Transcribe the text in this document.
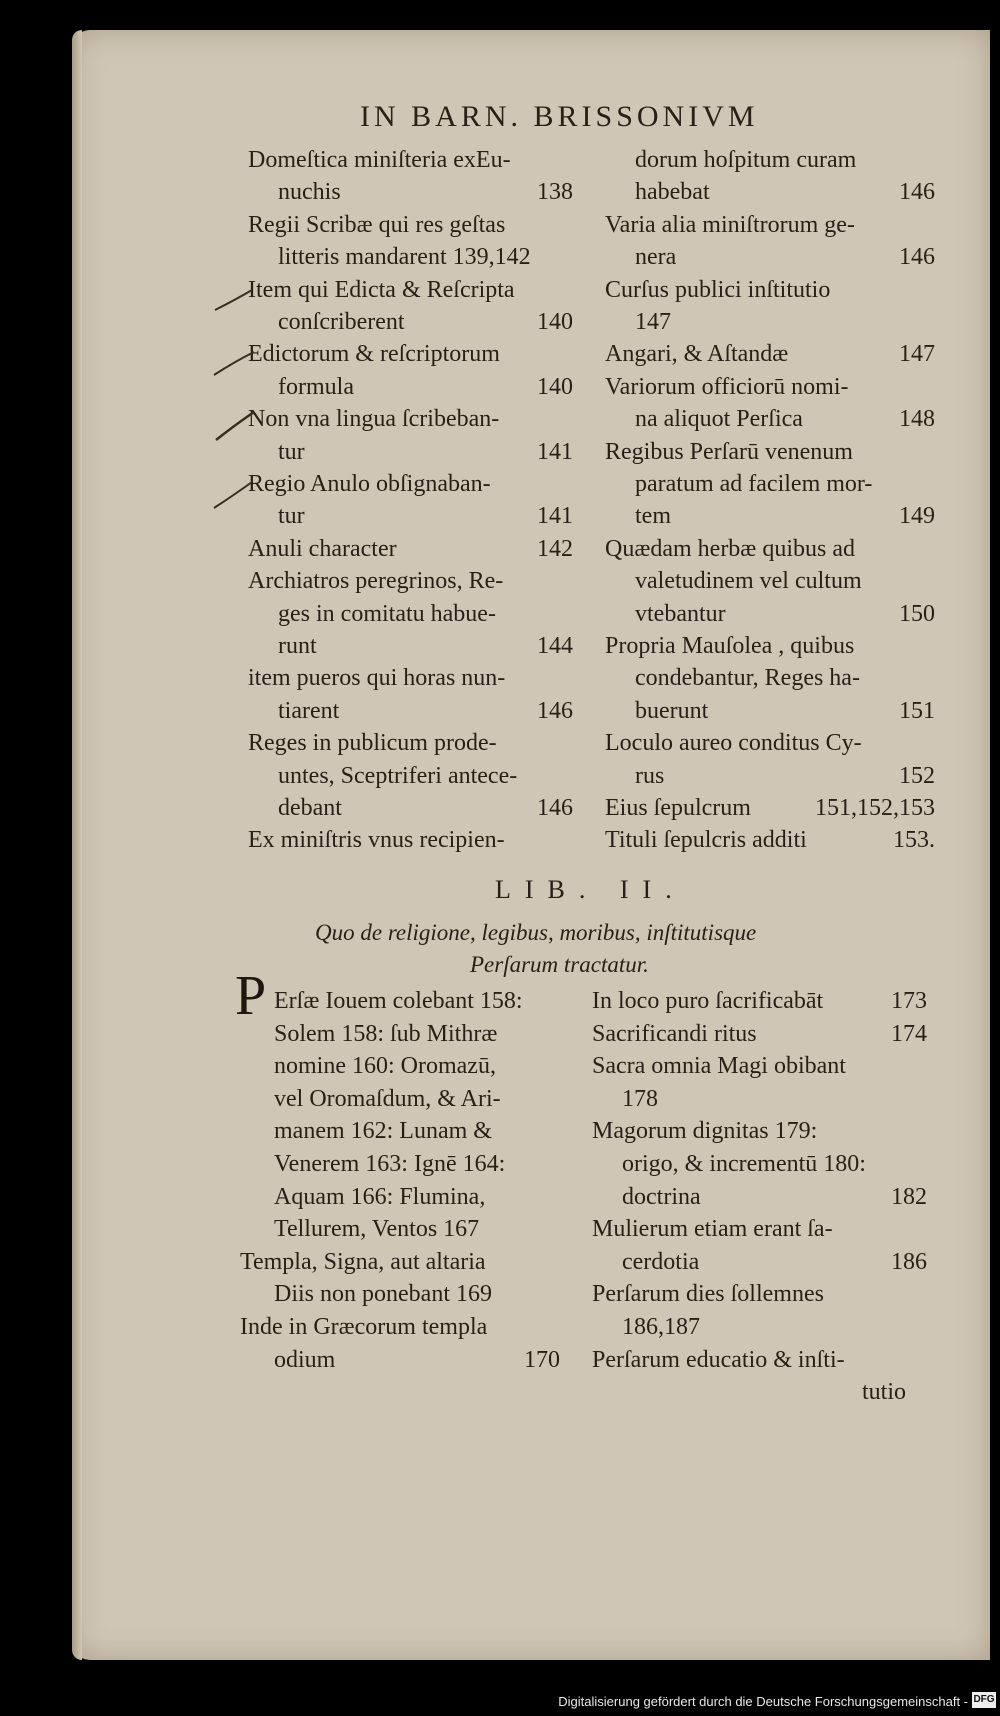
IN BARN. BRISSONIVM
Domeſtica miniſteria exEu-
nuchis	138
Regii Scribæ qui res geſtas
litteris mandarent 139,142
Item qui Edicta & Reſcripta
conſcriberent	140
Edictorum & reſcriptorum
formula	140
Non vna lingua ſcribeban-
tur	141
Regio Anulo obſignaban-
tur	141
Anuli character	142
Archiatros peregrinos, Re-
ges in comitatu habue-
runt	144
item pueros qui horas nun-
tiarent	146
Reges in publicum prode-
untes, Sceptriferi antece-
debant	146
Ex miniſtris vnus recipien-
dorum hoſpitum curam
habebat	146
Varia alia miniſtrorum ge-
nera	146
Curſus publici inſtitutio
147
Angari, & Aſtandæ	147
Variorum officiorū nomi-
na aliquot Perſica	148
Regibus Perſarū venenum
paratum ad facilem mor-
tem	149
Quædam herbæ quibus ad
valetudinem vel cultum
vtebantur	150
Propria Mauſolea , quibus
condebantur, Reges ha-
buerunt	151
Loculo aureo conditus Cy-
rus	152
Eius ſepulcrum	151,152,153
Tituli ſepulcris additi	153.
LIB. II.
Quo de religione, legibus, moribus, inſtitutisque
Perſarum tractatur.
P Erſæ Iouem colebant 158:
Solem 158: ſub Mithræ
nomine 160: Oromazū,
vel Oromaſdum, & Ari-
manem 162: Lunam &
Venerem 163: Ignē 164:
Aquam 166: Flumina,
Tellurem, Ventos 167
Templa, Signa, aut altaria
Diis non ponebant 169
Inde in Græcorum templa
odium	170
In loco puro ſacrificabāt	173
Sacrificandi ritus	174
Sacra omnia Magi obibant
178
Magorum dignitas 179:
origo, & incrementū 180:
doctrina	182
Mulierum etiam erant ſa-
cerdotia	186
Perſarum dies ſollemnes
186,187
Perſarum educatio & inſti-
tutio
Digitalisierung gefördert durch die Deutsche Forschungsgemeinschaft - DFG
